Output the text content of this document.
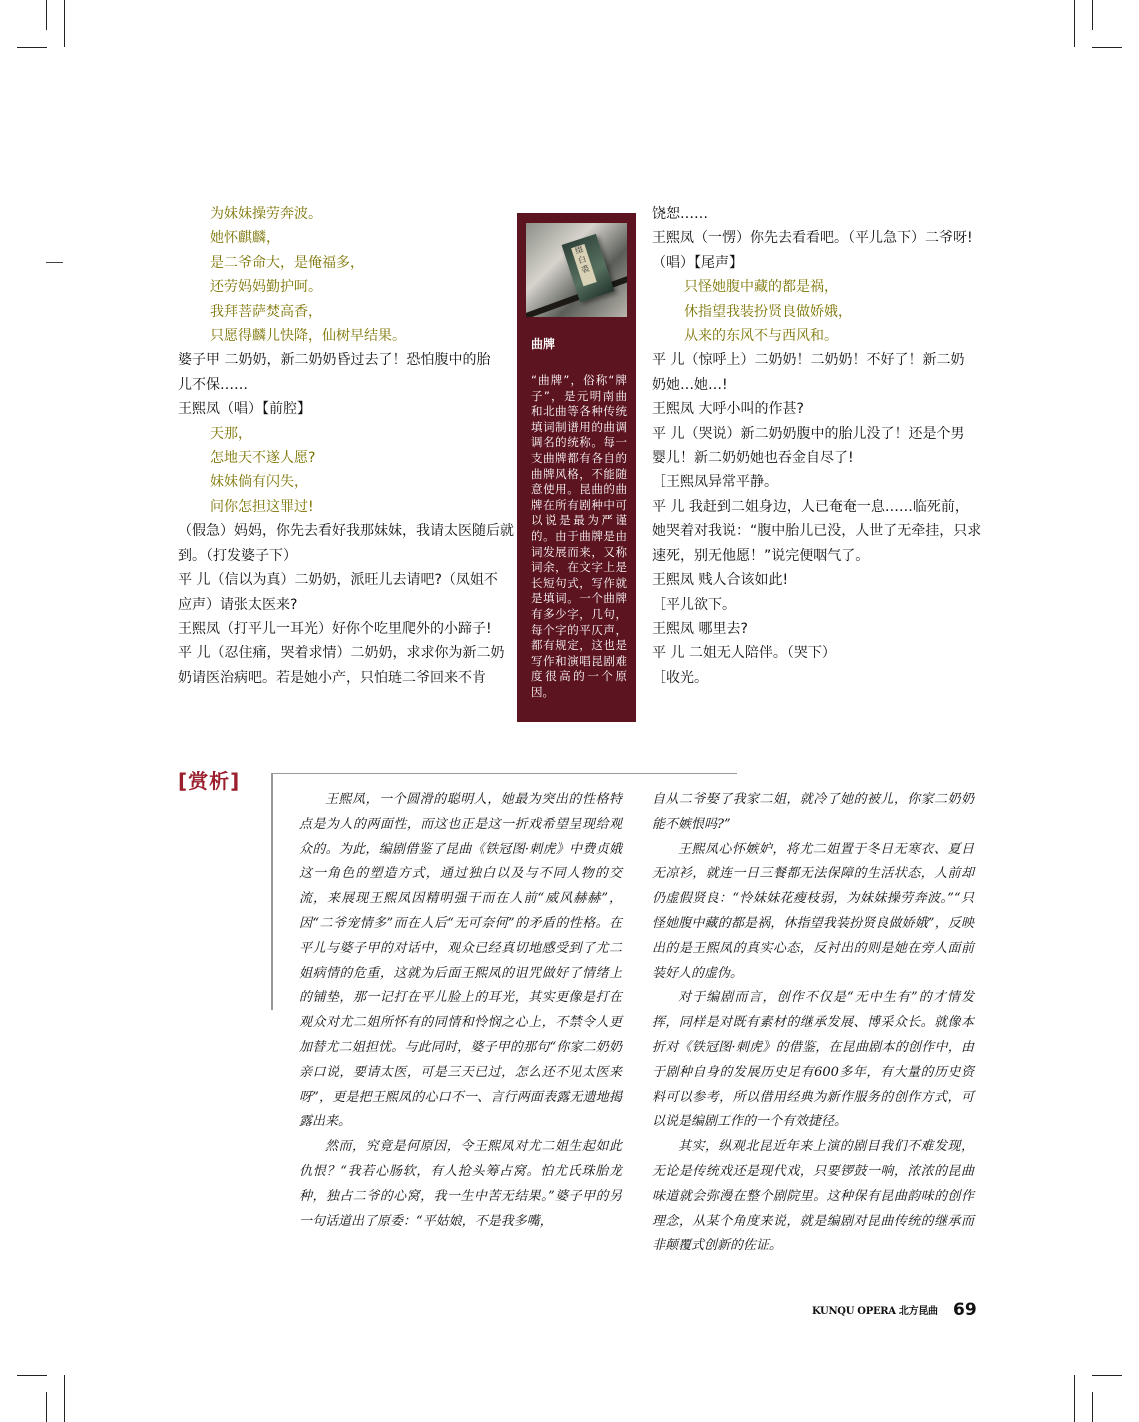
为妹妹操劳奔波。
她怀麒麟，
是二爷命大，是俺福多，
还劳妈妈勤护呵。
我拜菩萨焚高香，
只愿得麟儿快降，仙树早结果。
婆子甲 二奶奶，新二奶奶昏过去了！恐怕腹中的胎
儿不保……
王熙凤（唱）【前腔】
天那，
怎地天不遂人愿?
妹妹倘有闪失，
问你怎担这罪过!
（假急）妈妈，你先去看好我那妹妹，我请太医随后就
到。（打发婆子下）
平 儿（信以为真）二奶奶，派旺儿去请吧?（凤姐不
应声）请张太医来?
王熙凤（打平儿一耳光）好你个吃里爬外的小蹄子!
平 儿（忍住痛，哭着求情）二奶奶，求求你为新二奶
奶请医治病吧。若是她小产，只怕琏二爷回来不肯
缀白裘
曲牌
“曲牌”，俗称“牌子”，是元明南曲和北曲等各种传统填词制谱用的曲调调名的统称。每一支曲牌都有各自的曲牌风格，不能随意使用。昆曲的曲牌在所有剧种中可以说是最为严谨的。由于曲牌是由词发展而来，又称词余，在文字上是长短句式，写作就是填词。一个曲牌有多少字，几句，每个字的平仄声，都有规定，这也是写作和演唱昆剧难度很高的一个原因。
饶恕……
王熙凤（一愣）你先去看看吧。（平儿急下）二爷呀!
（唱）【尾声】
只怪她腹中藏的都是祸，
休指望我装扮贤良做娇娥，
从来的东风不与西风和。
平 儿（惊呼上）二奶奶！二奶奶！不好了！新二奶
奶她…她…!
王熙凤 大呼小叫的作甚?
平 儿（哭说）新二奶奶腹中的胎儿没了！还是个男
婴儿！新二奶奶她也吞金自尽了!
［王熙凤异常平静。
平 儿 我赶到二姐身边，人已奄奄一息……临死前，
她哭着对我说：“腹中胎儿已没，人世了无牵挂，只求
速死，别无他愿！”说完便咽气了。
王熙凤 贱人合该如此!
［平儿欲下。
王熙凤 哪里去?
平 儿 二姐无人陪伴。（哭下）
［收光。
[赏析]

王熙凤，一个圆滑的聪明人，她最为突出的性格特点是为人的两面性，而这也正是这一折戏希望呈现给观众的。为此，编剧借鉴了昆曲《铁冠图·刺虎》中费贞娥这一角色的塑造方式，通过独白以及与不同人物的交流，来展现王熙凤因精明强干而在人前“威风赫赫”，因“二爷宠情多”而在人后“无可奈何”的矛盾的性格。在平儿与婆子甲的对话中，观众已经真切地感受到了尤二姐病情的危重，这就为后面王熙凤的诅咒做好了情绪上的铺垫，那一记打在平儿脸上的耳光，其实更像是打在观众对尤二姐所怀有的同情和怜悯之心上，不禁令人更加替尤二姐担忧。与此同时，婆子甲的那句“你家二奶奶亲口说，要请太医，可是三天已过，怎么还不见太医来呀”，更是把王熙凤的心口不一、言行两面表露无遗地揭露出来。

然而，究竟是何原因，令王熙凤对尤二姐生起如此仇恨？“我若心肠软，有人抢头筹占窝。怕尤氏珠胎龙种，独占二爷的心窝，我一生中苦无结果。”婆子甲的另一句话道出了原委：“平姑娘，不是我多嘴，

自从二爷娶了我家二姐，就冷了她的被儿，你家二奶奶能不嫉恨吗?”

王熙凤心怀嫉妒，将尤二姐置于冬日无寒衣、夏日无凉衫，就连一日三餐都无法保障的生活状态，人前却仍虚假贤良：“怜妹妹花瘦枝弱，为妹妹操劳奔波。”“只怪她腹中藏的都是祸，休指望我装扮贤良做娇娥”，反映出的是王熙凤的真实心态，反衬出的则是她在旁人面前装好人的虚伪。

对于编剧而言，创作不仅是“无中生有”的才情发挥，同样是对既有素材的继承发展、博采众长。就像本折对《铁冠图·刺虎》的借鉴，在昆曲剧本的创作中，由于剧种自身的发展历史足有600多年，有大量的历史资料可以参考，所以借用经典为新作服务的创作方式，可以说是编剧工作的一个有效捷径。

其实，纵观北昆近年来上演的剧目我们不难发现，无论是传统戏还是现代戏，只要锣鼓一响，浓浓的昆曲味道就会弥漫在整个剧院里。这种保有昆曲韵味的创作理念，从某个角度来说，就是编剧对昆曲传统的继承而非颠覆式创新的佐证。

KUNQU OPERA 北方昆曲 69
